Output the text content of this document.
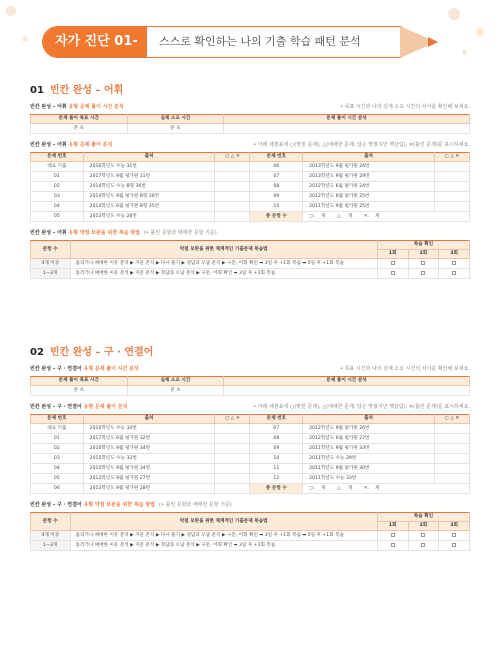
자가 진단 01-02
스스로 확인하는 나의 기출 학습 패턴 분석
01 빈칸 완성 – 어휘
빈칸 완성 – 어휘 유형 문제 풀이 시간 분석	• 목표 시간과 나의 실제 소요 시간의 차이를 확인해 보세요.
문제 풀이 목표 시간	실제 소요 시간	문제 풀이 시간 분석
분 초	분 초	
빈칸 완성 – 어휘 유형 문제 풀이 분석	• 아래 채점표에 ○(맞힌 문제), △(애매한 문제: 답은 맞혔지만 헷갈림), ✕(틀린 문제)를 표시하세요.
문제 번호	출처	○ △ ✕	문제 번호	출처	○ △ ✕
대표 기출	2016학년도 수능 31번		06	2013학년도 9월 평가원 24번	
01	2017학년도 9월 평가원 31번		07	2013학년도 9월 평가원 29번	
02	2014학년도 수능 B형 36번		08	2012학년도 6월 평가원 24번	
03	2014학년도 9월 평가원 B형 36번		09	2012학년도 6월 평가원 25번	
04	2014학년도 6월 평가원 B형 35번		10	2011학년도 9월 평가원 25번	
05	2013학년도 수능 28번		총 문항 수	○: 개 △: 개 ✕: 개	
빈칸 완성 – 어휘 유형 약점 보완을 위한 복습 방법 (• 틀린 문항과 애매한 문항 기준)
문항 수	약점 보완을 위한 체계적인 기출문제 복습법	복습 확인		
		1회	2회	3회
4개 이상	틀리거나 애매한 이유 분석 ▶ 지문 분석 ▶ 다시 풀기 ▶ 정답과 오답 분석 ▶ 구문, 어휘 확인 ➡ 3일 후 +1회 복습 ➡ 5일 후 +1회 복습			
1~3개	틀리거나 애매한 이유 분석 ▶ 지문 분석 ▶ 정답과 오답 분석 ▶ 구문, 어휘 확인 ➡ 3일 후 +1회 복습			
02 빈칸 완성 – 구 · 연결어
빈칸 완성 – 구 · 연결어 유형 문제 풀이 시간 분석	• 목표 시간과 나의 실제 소요 시간의 차이를 확인해 보세요.
문제 풀이 목표 시간	실제 소요 시간	문제 풀이 시간 분석
분 초	분 초	
빈칸 완성 – 구 · 연결어 유형 문제 풀이 분석	• 아래 채점표에 ○(맞힌 문제), △(애매한 문제: 답은 맞혔지만 헷갈림), ✕(틀린 문제)를 표시하세요.
문제 번호	출처	○ △ ✕	문제 번호	출처	○ △ ✕
대표 기출	2016학년도 수능 34번		07	2012학년도 9월 평가원 26번	
01	2017학년도 6월 평가원 32번		08	2012학년도 6월 평가원 27번	
02	2016학년도 9월 평가원 34번		09	2011학년도 9월 평가원 33번	
03	2015학년도 수능 33번		10	2011학년도 수능 29번	
04	2015학년도 9월 평가원 34번		11	2011학년도 9월 평가원 30번	
05	2013학년도 9월 평가원 27번		12	2011학년도 수능 33번	
06	2013학년도 9월 평가원 28번		총 문항 수	○: 개 △: 개 ✕: 개	
빈칸 완성 – 구 · 연결어 유형 약점 보완을 위한 복습 방법 (• 틀린 문항과 애매한 문항 기준)
문항 수	약점 보완을 위한 체계적인 기출문제 복습법	복습 확인		
		1회	2회	3회
4개 이상	틀리거나 애매한 이유 분석 ▶ 지문 분석 ▶ 다시 풀기 ▶ 정답과 오답 분석 ▶ 구문, 어휘 확인 ➡ 3일 후 +1회 복습 ➡ 5일 후 +1회 복습			
1~3개	틀리거나 애매한 이유 분석 ▶ 지문 분석 ▶ 정답과 오답 분석 ▶ 구문, 어휘 확인 ➡ 3일 후 +1회 복습			
